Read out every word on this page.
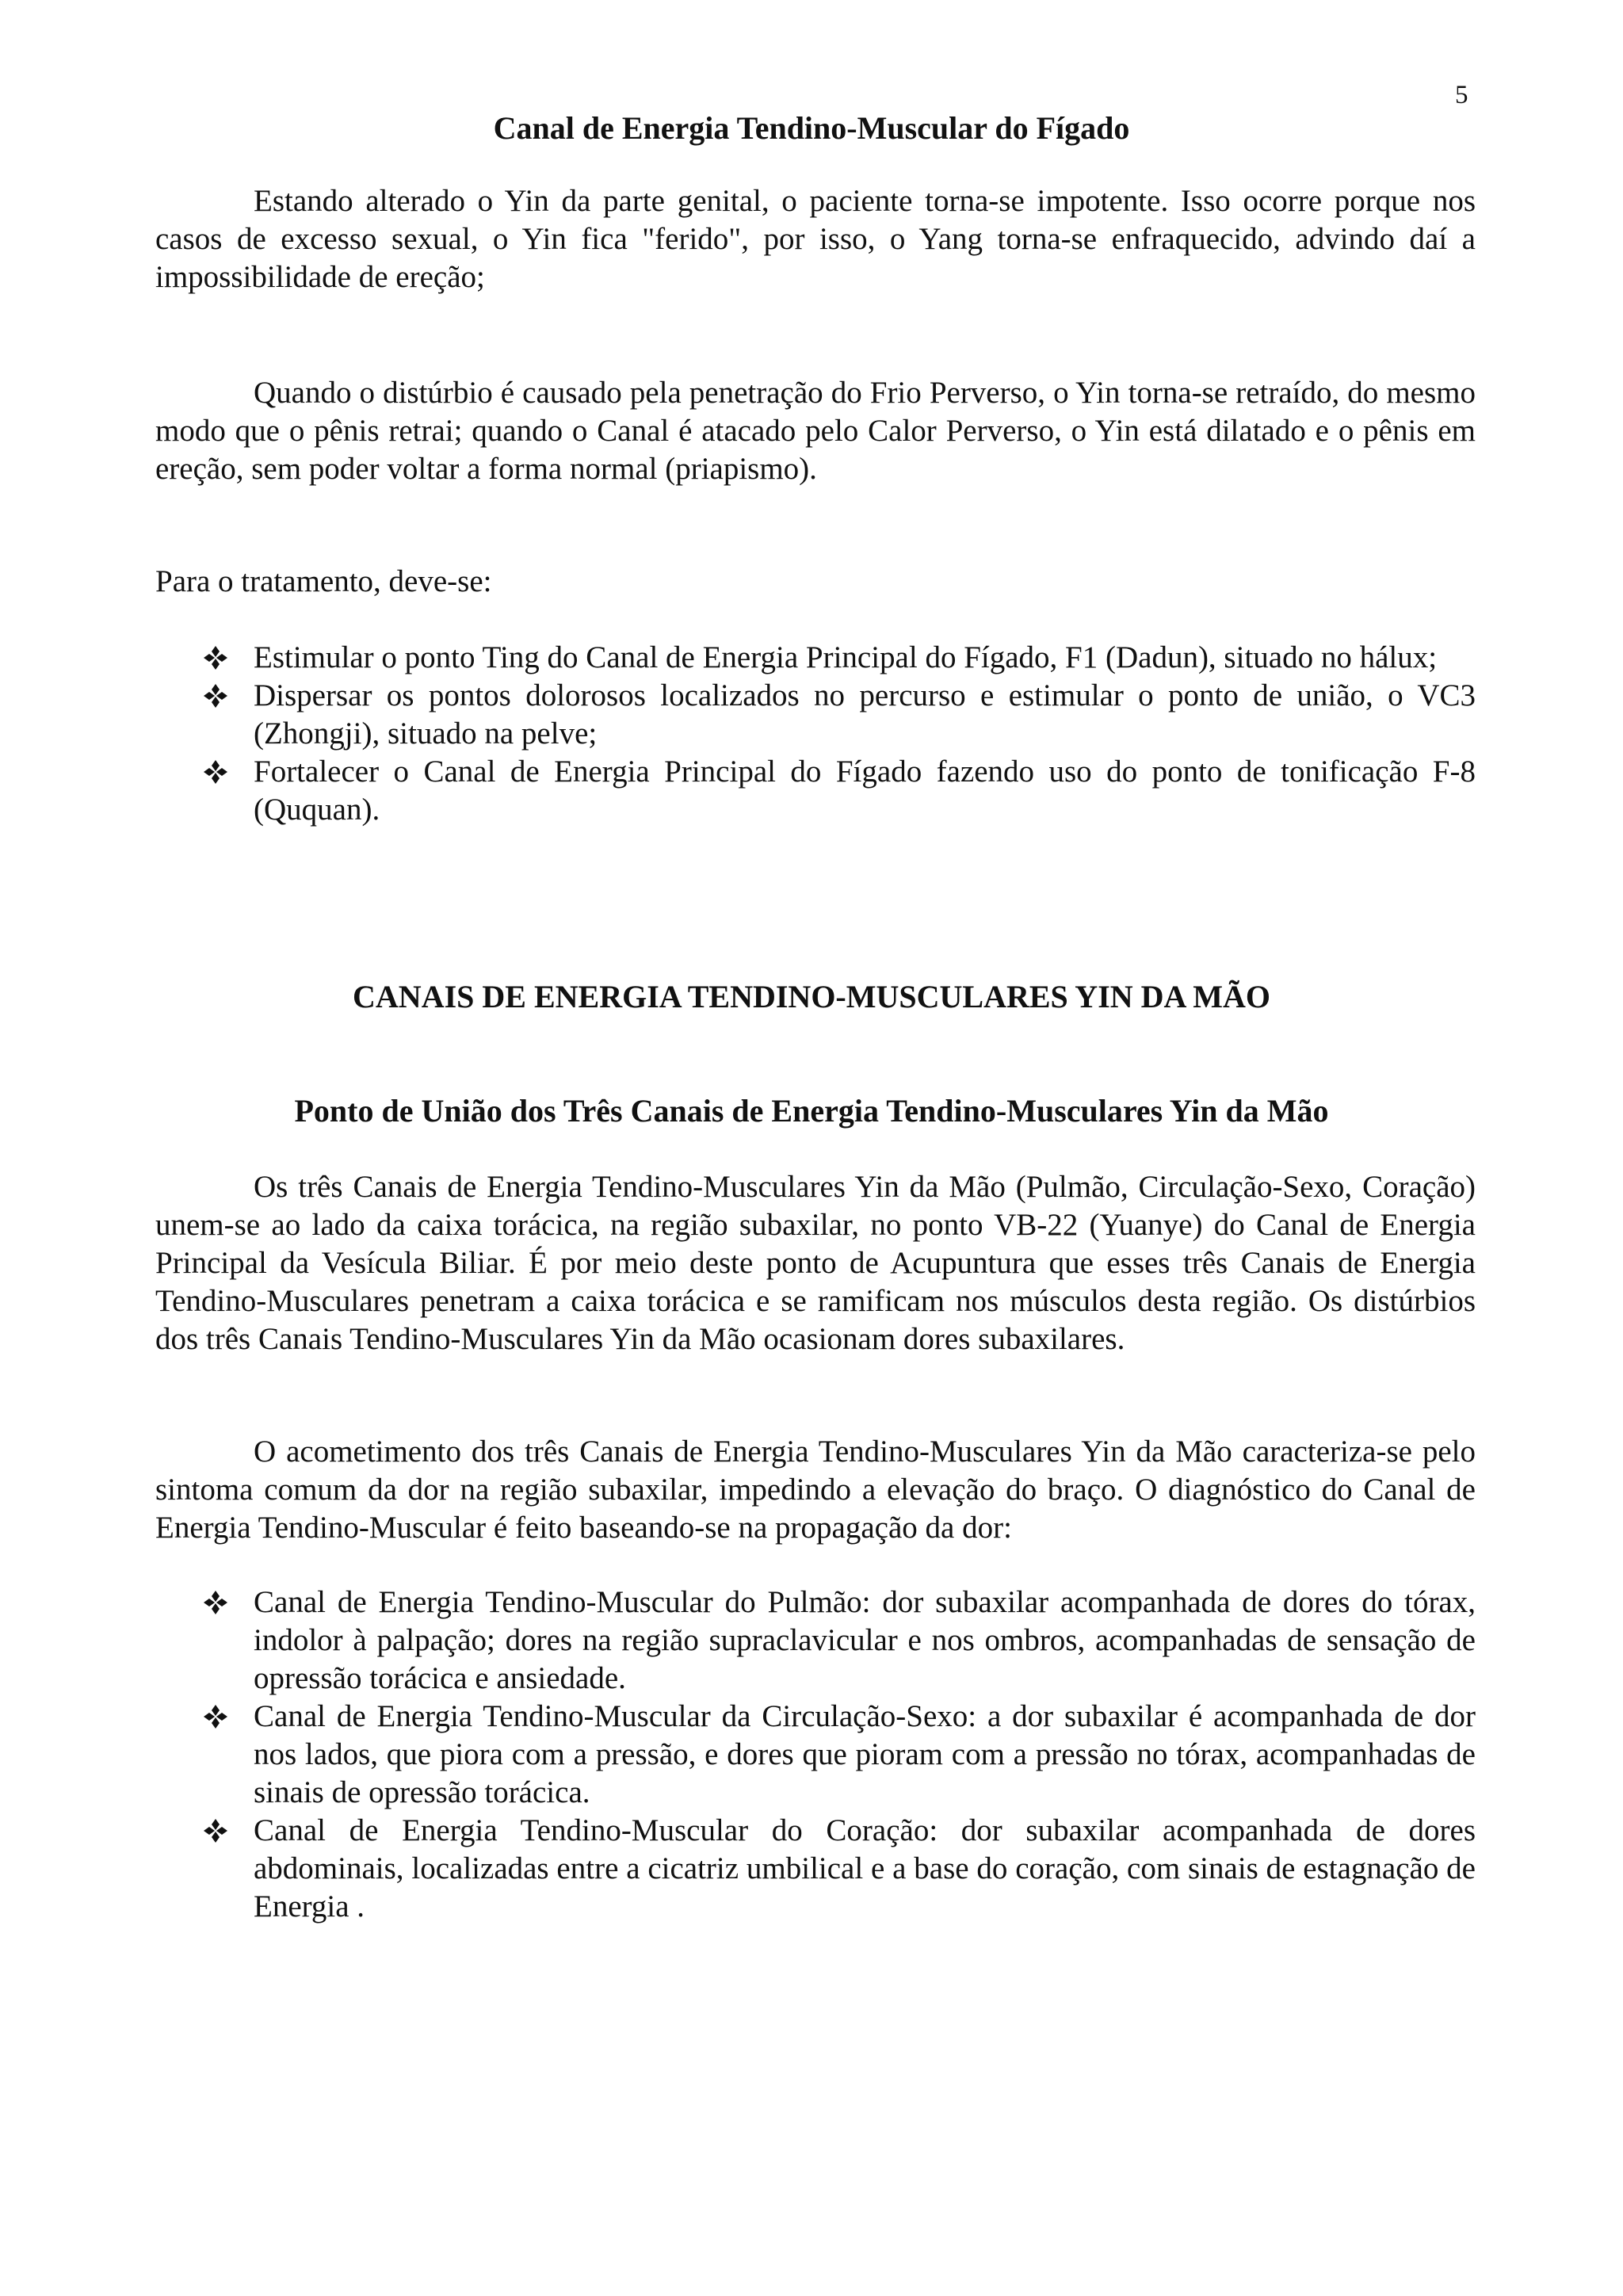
5
Canal de Energia Tendino-Muscular do Fígado

Estando alterado o Yin da parte genital, o paciente torna-se impotente. Isso ocorre porque nos casos de excesso sexual, o Yin fica "ferido", por isso, o Yang torna-se enfraquecido, advindo daí a impossibilidade de ereção;

Quando o distúrbio é causado pela penetração do Frio Perverso, o Yin torna-se retraído, do mesmo modo que o pênis retrai; quando o Canal é atacado pelo Calor Perverso, o Yin está dilatado e o pênis em ereção, sem poder voltar a forma normal (priapismo).

Para o tratamento, deve-se:

Estimular o ponto Ting do Canal de Energia Principal do Fígado, F1 (Dadun), situado no hálux;
Dispersar os pontos dolorosos localizados no percurso e estimular o ponto de união, o VC3 (Zhongji), situado na pelve;
Fortalecer o Canal de Energia Principal do Fígado fazendo uso do ponto de tonificação F-8 (Ququan).
CANAIS DE ENERGIA TENDINO-MUSCULARES YIN DA MÃO
Ponto de União dos Três Canais de Energia Tendino-Musculares Yin da Mão

Os três Canais de Energia Tendino-Musculares Yin da Mão (Pulmão, Circulação-Sexo, Coração) unem-se ao lado da caixa torácica, na região subaxilar, no ponto VB-22 (Yuanye) do Canal de Energia Principal da Vesícula Biliar. É por meio deste ponto de Acupuntura que esses três Canais de Energia Tendino-Musculares penetram a caixa torácica e se ramificam nos músculos desta região. Os distúrbios dos três Canais Tendino-Musculares Yin da Mão ocasionam dores subaxilares.

O acometimento dos três Canais de Energia Tendino-Musculares Yin da Mão caracteriza-se pelo sintoma comum da dor na região subaxilar, impedindo a elevação do braço. O diagnóstico do Canal de Energia Tendino-Muscular é feito baseando-se na propagação da dor:

Canal de Energia Tendino-Muscular do Pulmão: dor subaxilar acompanhada de dores do tórax, indolor à palpação; dores na região supraclavicular e nos ombros, acompanhadas de sensação de opressão torácica e ansiedade.
Canal de Energia Tendino-Muscular da Circulação-Sexo: a dor subaxilar é acompanhada de dor nos lados, que piora com a pressão, e dores que pioram com a pressão no tórax, acompanhadas de sinais de opressão torácica.
Canal de Energia Tendino-Muscular do Coração: dor subaxilar acompanhada de dores abdominais, localizadas entre a cicatriz umbilical e a base do coração, com sinais de estagnação de Energia .
